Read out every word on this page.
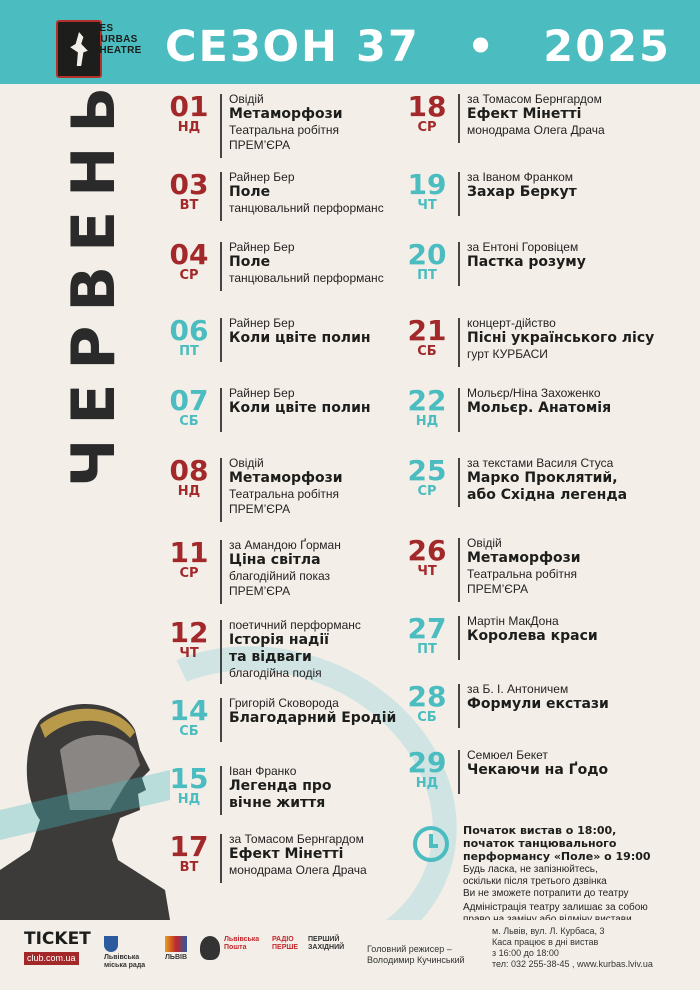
LES
KURBAS
THEATRE СЕЗОН 37 • 2025
ЧЕРВЕНЬ	01
НД
Овідій
Метаморфози
Театральна робітня
ПРЕМ’ЄРА
03
ВТ
Райнер Бер
Поле
танцювальний перформанс
04
СР
Райнер Бер
Поле
танцювальний перформанс
06
ПТ
Райнер Бер
Коли цвіте полин
07
СБ
Райнер Бер
Коли цвіте полин
08
НД
Овідій
Метаморфози
Театральна робітня
ПРЕМ’ЄРА
11
СР
за Амандою Ґорман
Ціна світла
благодійний показ
ПРЕМ’ЄРА
12
ЧТ
поетичний перформанс
Історія надії
та відваги
благодійна подія
14
СБ
Григорій Сковорода
Благодарний Еродій
15
НД
Іван Франко
Легенда про
вічне життя
17
ВТ
за Томасом Бернгардом
Ефект Мінетті
монодрама Олега Драча
18
СР
за Томасом Бернгардом
Ефект Мінетті
монодрама Олега Драча
19
ЧТ
за Іваном Франком
Захар Беркут
20
ПТ
за Ентоні Горовіцем
Пастка розуму
21
СБ
концерт-дійство
Пісні українського лісу
гурт КУРБАСИ
22
НД
Мольєр/Ніна Захоженко
Мольєр. Анатомія
25
СР
за текстами Василя Стуса
Марко Проклятий,
або Східна легенда
26
ЧТ
Овідій
Метаморфози
Театральна робітня
ПРЕМ’ЄРА
27
ПТ
Мартін МакДона
Королева краси
28
СБ
за Б. І. Антоничем
Формули екстази
29
НД
Семюел Бекет
Чекаючи на Ґодо
Початок вистав о 18:00,
початок танцювального
перформансу «Поле» о 19:00
Будь ласка, не запізнюйтесь,
оскільки після третього дзвінка
Ви не зможете потрапити до театру
Адміністрація театру залишає за собою
TICKET
club.com.ua	Львівська міська рада
ЛЬВІВ
Львівська Пошта
РАДІО ПЕРШЕ
ПЕРШИЙ ЗАХІДНИЙ	Головний режисер –
Володимир Кучинський
м. Львів, вул. Л. Курбаса, 3
Каса працює в дні вистав
з 16:00 до 18:00
тел: 032 255-38-45 , www.kurbas.lviv.ua
